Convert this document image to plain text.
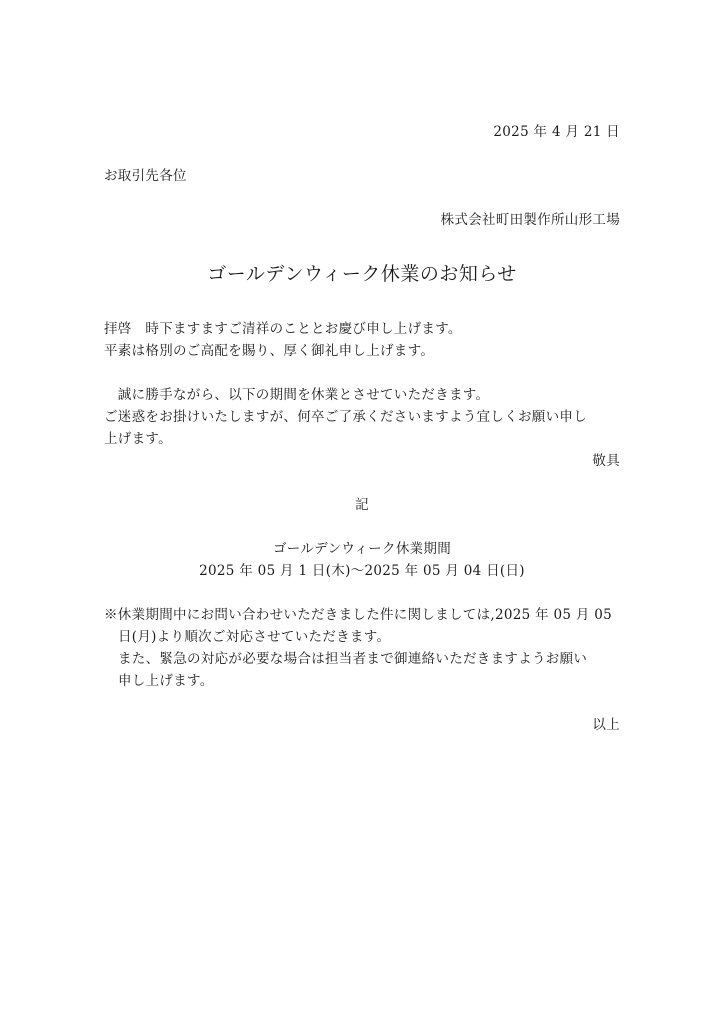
2025 年 4 月 21 日
お取引先各位
株式会社町田製作所山形工場
ゴールデンウィーク休業のお知らせ
拝啓　時下ますますご清祥のこととお慶び申し上げます。
平素は格別のご高配を賜り、厚く御礼申し上げます。
　誠に勝手ながら、以下の期間を休業とさせていただきます。
ご迷惑をお掛けいたしますが、何卒ご了承くださいますよう宜しくお願い申し
上げます。
敬具
記
ゴールデンウィーク休業期間
2025 年 05 月 1 日(木)～2025 年 05 月 04 日(日)
※休業期間中にお問い合わせいただきました件に関しましては,2025 年 05 月 05
日(月)より順次ご対応させていただきます。
また、緊急の対応が必要な場合は担当者まで御連絡いただきますようお願い
申し上げます。
以上
